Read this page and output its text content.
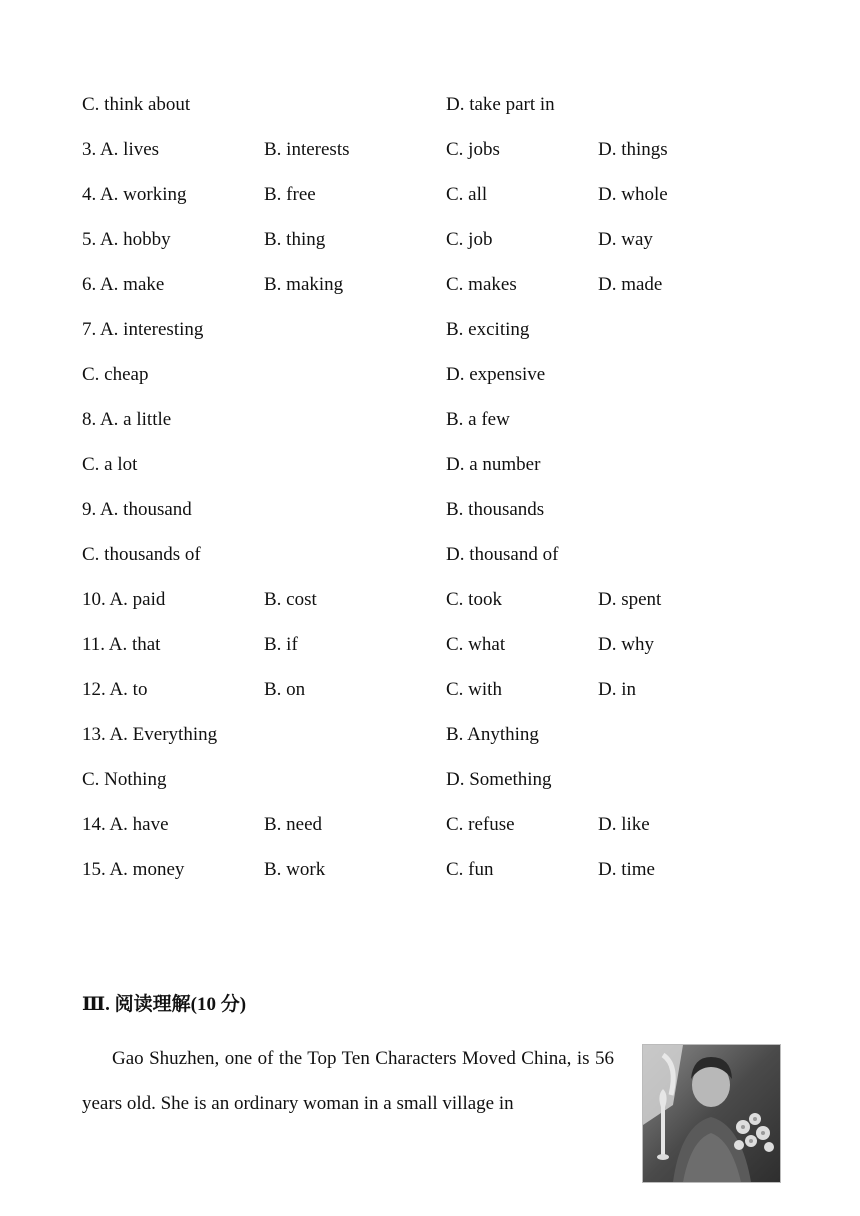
C. think about	D. take part in
3. A. lives	B. interests	C. jobs	D. things
4. A. working	B. free	C. all	D. whole
5. A. hobby	B. thing	C. job	D. way
6. A. make	B. making	C. makes	D. made
7. A. interesting	B. exciting
C. cheap	D. expensive
8. A. a little	B. a few
C. a lot	D. a number
9. A. thousand	B. thousands
C. thousands of	D. thousand of
10. A. paid	B. cost	C. took	D. spent
11. A. that	B. if	C. what	D. why
12. A. to	B. on	C. with	D. in
13. A. Everything	B. Anything
C. Nothing	D. Something
14. A. have	B. need	C. refuse	D. like
15. A. money	B. work	C. fun	D. time
Ⅲ. 阅读理解(10 分)
Gao Shuzhen, one of the Top Ten Characters Moved China, is 56 years old. She is an ordinary woman in a small village in
